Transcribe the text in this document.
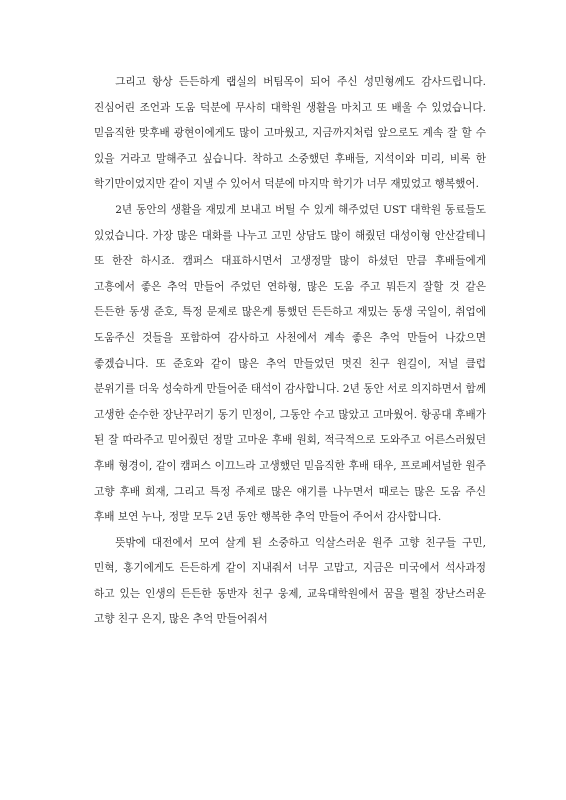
그리고 항상 든든하게 랩실의 버팀목이 되어 주신 성민형께도 감사드립니다. 진심어린 조언과 도움 덕분에 무사히 대학원 생활을 마치고 또 배울 수 있었습니다. 믿음직한 맞후배 광현이에게도 많이 고마웠고, 지금까지처럼 앞으로도 계속 잘 할 수 있을 거라고 말해주고 싶습니다. 착하고 소중했던 후배들, 지석이와 미리, 비록 한 학기만이었지만 같이 지낼 수 있어서 덕분에 마지막 학기가 너무 재밌었고 행복했어.

2년 동안의 생활을 재밌게 보내고 버틸 수 있게 해주었던 UST 대학원 동료들도 있었습니다. 가장 많은 대화를 나누고 고민 상담도 많이 해줬던 대성이형 안산갈테니 또 한잔 하시죠. 캠퍼스 대표하시면서 고생정말 많이 하셨던 만큼 후배들에게 고흥에서 좋은 추억 만들어 주었던 연하형, 많은 도움 주고 뭐든지 잘할 것 같은 든든한 동생 준호, 특정 문제로 많은게 통했던 든든하고 재밌는 동생 국일이, 취업에 도움주신 것들을 포함하여 감사하고 사천에서 계속 좋은 추억 만들어 나갔으면 좋겠습니다. 또 준호와 같이 많은 추억 만들었던 멋진 친구 원길이, 저널 클럽 분위기를 더욱 성숙하게 만들어준 태석이 감사합니다. 2년 동안 서로 의지하면서 함께 고생한 순수한 장난꾸러기 동기 민정이, 그동안 수고 많았고 고마웠어. 항공대 후배가 된 잘 따라주고 믿어줬던 정말 고마운 후배 원회, 적극적으로 도와주고 어른스러웠던 후배 형경이, 같이 캠퍼스 이끄느라 고생했던 믿음직한 후배 태우, 프로페셔널한 원주 고향 후배 희재, 그리고 특정 주제로 많은 얘기를 나누면서 때로는 많은 도움 주신 후배 보연 누나, 정말 모두 2년 동안 행복한 추억 만들어 주어서 감사합니다.

뜻밖에 대전에서 모여 살게 된 소중하고 익살스러운 원주 고향 친구들 구민, 민혁, 홍기에게도 든든하게 같이 지내줘서 너무 고맙고, 지금은 미국에서 석사과정 하고 있는 인생의 든든한 동반자 친구 웅제, 교육대학원에서 꿈을 펼칠 장난스러운 고향 친구 은지, 많은 추억 만들어줘서
